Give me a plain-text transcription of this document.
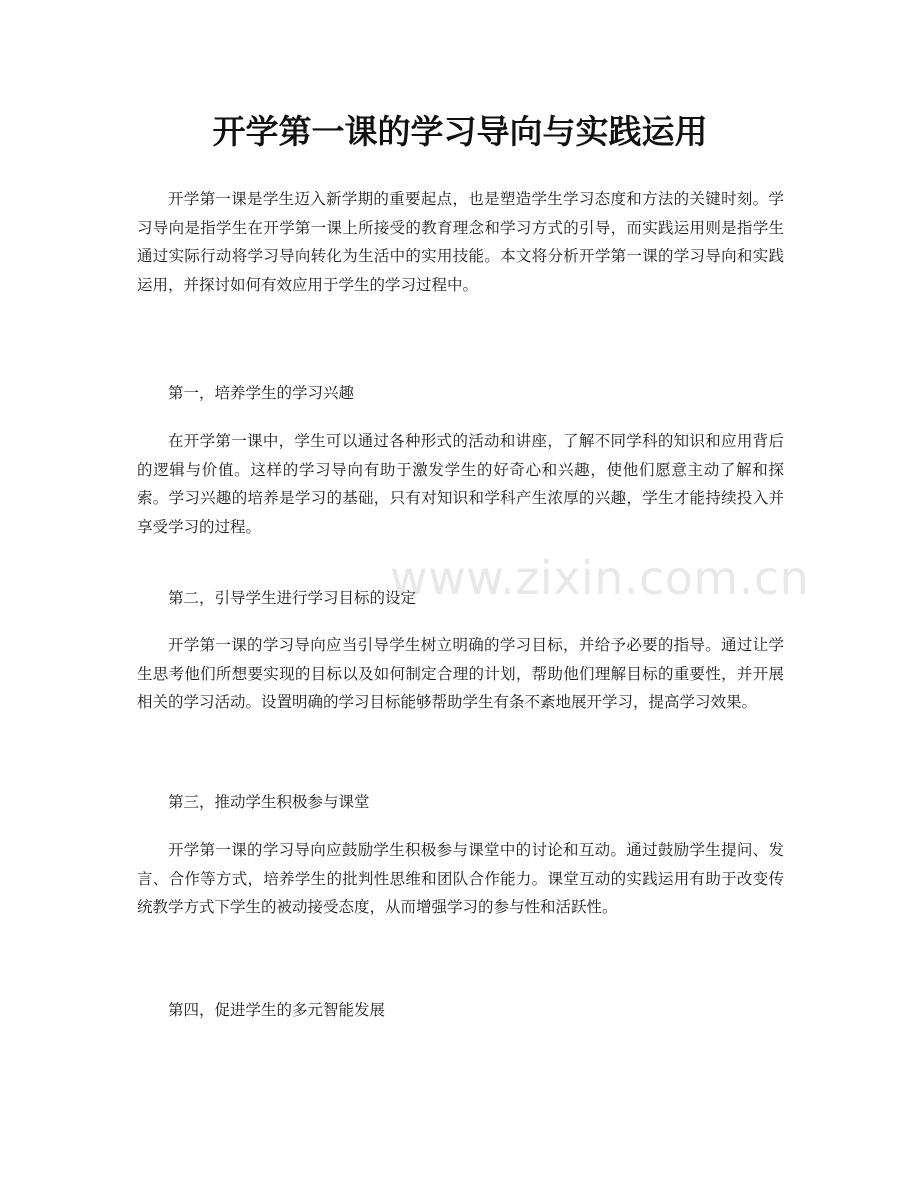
开学第一课的学习导向与实践运用

开学第一课是学生迈入新学期的重要起点，也是塑造学生学习态度和方法的关键时刻。学习导向是指学生在开学第一课上所接受的教育理念和学习方式的引导，而实践运用则是指学生通过实际行动将学习导向转化为生活中的实用技能。本文将分析开学第一课的学习导向和实践运用，并探讨如何有效应用于学生的学习过程中。

第一，培养学生的学习兴趣

在开学第一课中，学生可以通过各种形式的活动和讲座，了解不同学科的知识和应用背后的逻辑与价值。这样的学习导向有助于激发学生的好奇心和兴趣，使他们愿意主动了解和探索。学习兴趣的培养是学习的基础，只有对知识和学科产生浓厚的兴趣，学生才能持续投入并享受学习的过程。

第二，引导学生进行学习目标的设定

开学第一课的学习导向应当引导学生树立明确的学习目标，并给予必要的指导。通过让学生思考他们所想要实现的目标以及如何制定合理的计划，帮助他们理解目标的重要性，并开展相关的学习活动。设置明确的学习目标能够帮助学生有条不紊地展开学习，提高学习效果。

第三，推动学生积极参与课堂

开学第一课的学习导向应鼓励学生积极参与课堂中的讨论和互动。通过鼓励学生提问、发言、合作等方式，培养学生的批判性思维和团队合作能力。课堂互动的实践运用有助于改变传统教学方式下学生的被动接受态度，从而增强学习的参与性和活跃性。

第四，促进学生的多元智能发展

www.zixin.com.cn
